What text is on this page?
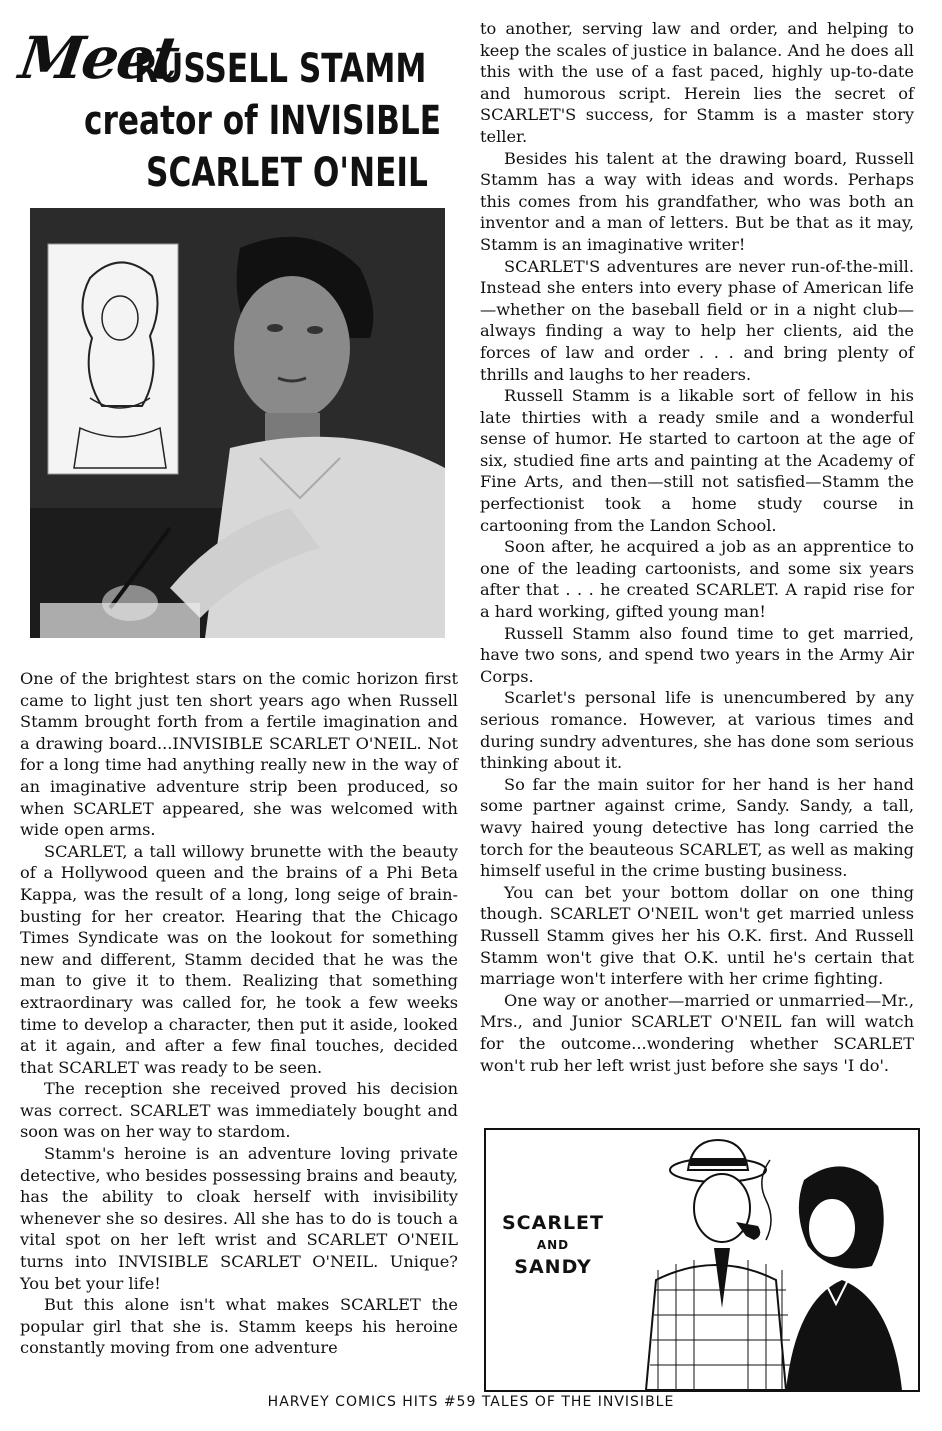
Meet
RUSSELL STAMM
creator of INVISIBLE
SCARLET O'NEIL

One of the brightest stars on the comic horizon first came to light just ten short years ago when Russell Stamm brought forth from a fertile imagination and a drawing board...INVISIBLE SCARLET O'NEIL. Not for a long time had anything really new in the way of an imaginative adventure strip been produced, so when SCARLET appeared, she was welcomed with wide open arms.

SCARLET, a tall willowy brunette with the beauty of a Hollywood queen and the brains of a Phi Beta Kappa, was the result of a long, long seige of brain-busting for her creator. Hearing that the Chicago Times Syndicate was on the lookout for something new and different, Stamm decided that he was the man to give it to them. Realizing that something extraordinary was called for, he took a few weeks time to develop a character, then put it aside, looked at it again, and after a few final touches, decided that SCARLET was ready to be seen.

The reception she received proved his decision was correct. SCARLET was immediately bought and soon was on her way to stardom.

Stamm's heroine is an adventure loving private detective, who besides possessing brains and beauty, has the ability to cloak herself with invisibility whenever she so desires. All she has to do is touch a vital spot on her left wrist and SCARLET O'NEIL turns into INVISIBLE SCARLET O'NEIL. Unique? You bet your life!

But this alone isn't what makes SCARLET the popular girl that she is. Stamm keeps his heroine constantly moving from one adventure

to another, serving law and order, and helping to keep the scales of justice in balance. And he does all this with the use of a fast paced, highly up-to-date and humorous script. Herein lies the secret of SCARLET'S success, for Stamm is a master story teller.

Besides his talent at the drawing board, Russell Stamm has a way with ideas and words. Perhaps this comes from his grandfather, who was both an inventor and a man of letters. But be that as it may, Stamm is an imaginative writer!

SCARLET'S adventures are never run-of-the-mill. Instead she enters into every phase of American life—whether on the baseball field or in a night club—always finding a way to help her clients, aid the forces of law and order . . . and bring plenty of thrills and laughs to her readers.

Russell Stamm is a likable sort of fellow in his late thirties with a ready smile and a wonderful sense of humor. He started to cartoon at the age of six, studied fine arts and painting at the Academy of Fine Arts, and then—still not satisfied—Stamm the perfectionist took a home study course in cartooning from the Landon School.

Soon after, he acquired a job as an apprentice to one of the leading cartoonists, and some six years after that . . . he created SCARLET. A rapid rise for a hard working, gifted young man!

Russell Stamm also found time to get married, have two sons, and spend two years in the Army Air Corps.

Scarlet's personal life is unencumbered by any serious romance. However, at various times and during sundry adventures, she has done som serious thinking about it.

So far the main suitor for her hand is her hand some partner against crime, Sandy. Sandy, a tall, wavy haired young detective has long carried the torch for the beauteous SCARLET, as well as making himself useful in the crime busting business.

You can bet your bottom dollar on one thing though. SCARLET O'NEIL won't get married unless Russell Stamm gives her his O.K. first. And Russell Stamm won't give that O.K. until he's certain that marriage won't interfere with her crime fighting.

One way or another—married or unmarried—Mr., Mrs., and Junior SCARLET O'NEIL fan will watch for the outcome...wondering whether SCARLET won't rub her left wrist just before she says 'I do'.

SCARLET
AND
SANDY
HARVEY COMICS HITS #59 TALES OF THE INVISIBLE
